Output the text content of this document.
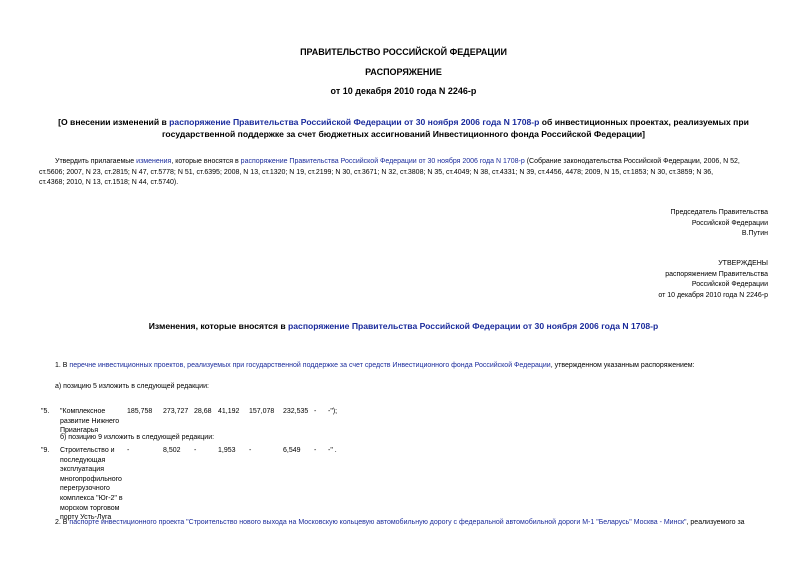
ПРАВИТЕЛЬСТВО РОССИЙСКОЙ ФЕДЕРАЦИИ
РАСПОРЯЖЕНИЕ
от 10 декабря 2010 года N 2246-р
[О внесении изменений в распоряжение Правительства Российской Федерации от 30 ноября 2006 года N 1708-р об инвестиционных проектах, реализуемых при
государственной поддержке за счет бюджетных ассигнований Инвестиционного фонда Российской Федерации]
Утвердить прилагаемые изменения, которые вносятся в распоряжение Правительства Российской Федерации от 30 ноября 2006 года N 1708-р (Собрание законодательства Российской Федерации, 2006, N 52,
ст.5606; 2007, N 23, ст.2815; N 47, ст.5778; N 51, ст.6395; 2008, N 13, ст.1320; N 19, ст.2199; N 30, ст.3671; N 32, ст.3808; N 35, ст.4049; N 38, ст.4331; N 39, ст.4456, 4478; 2009, N 15, ст.1853; N 30, ст.3859; N 36,
ст.4368; 2010, N 13, ст.1518; N 44, ст.5740).
Председатель Правительства
Российской Федерации
В.Путин
УТВЕРЖДЕНЫ
распоряжением Правительства
Российской Федерации
от 10 декабря 2010 года N 2246-р
Изменения, которые вносятся в распоряжение Правительства Российской Федерации от 30 ноября 2006 года N 1708-р
1. В перечне инвестиционных проектов, реализуемых при государственной поддержке за счет средств Инвестиционного фонда Российской Федерации, утвержденном указанным распоряжением:
а) позицию 5 изложить в следующей редакции:
"5. "Комплексное
развитие Нижнего
Приангарья
185,758 273,727 28,68 41,192 157,078 232,535 - -");
б) позицию 9 изложить в следующей редакции:
"9. Строительство и
последующая
эксплуатация
многопрофильного
перегрузочного
комплекса "Юг-2" в
морском торговом
порту Усть-Луга
-	8,502 -	1,953 -	6,549 - -" .
2. В паспорте инвестиционного проекта "Строительство нового выхода на Московскую кольцевую автомобильную дорогу с федеральной автомобильной дороги М-1 "Беларусь" Москва - Минск", реализуемого за
